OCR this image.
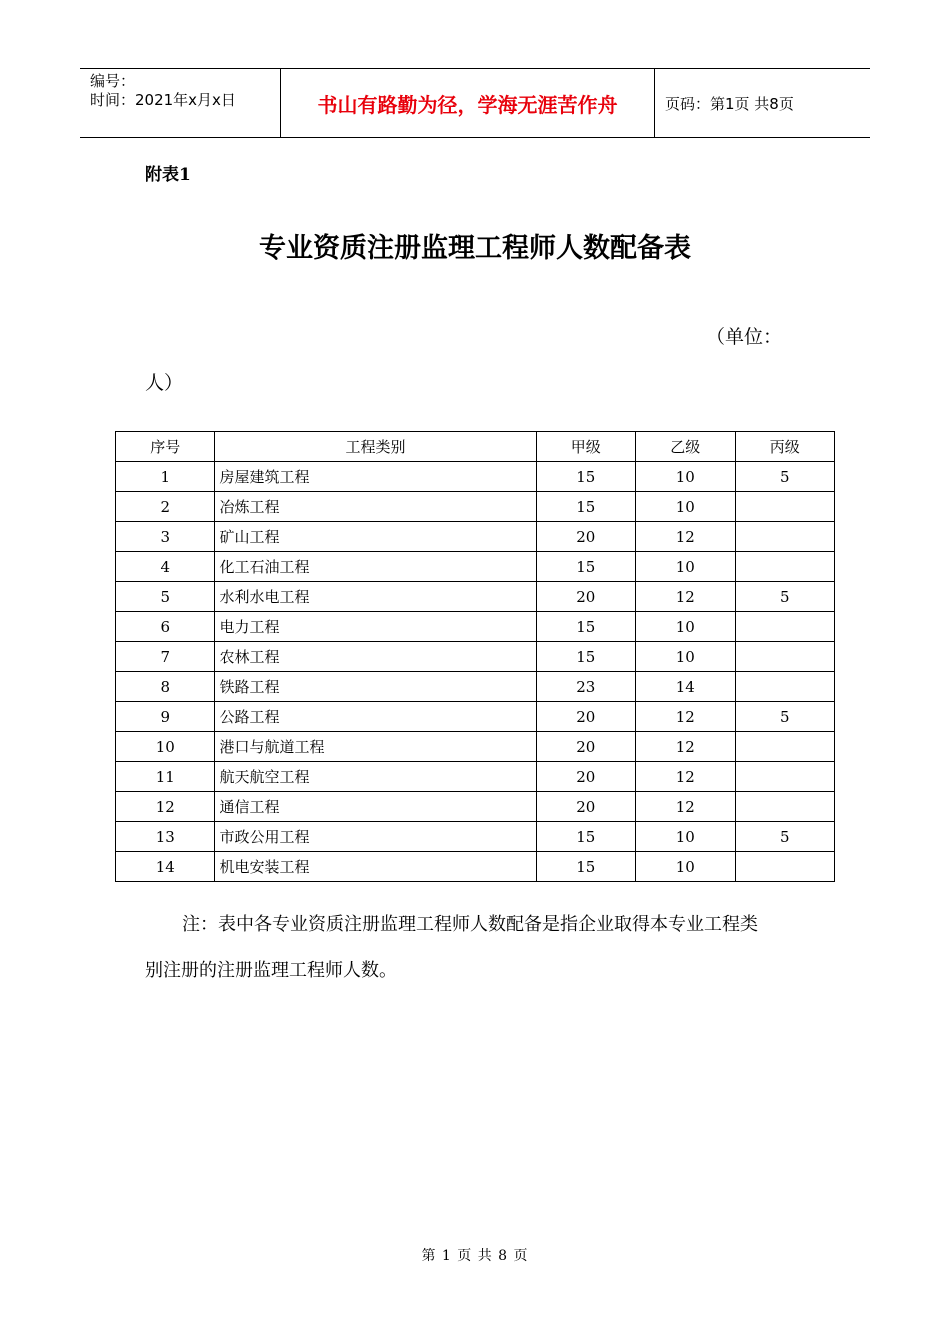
编号：
时间：2021年x月x日	书山有路勤为径，学海无涯苦作舟	页码：第1页 共8页
附表1
专业资质注册监理工程师人数配备表
（单位：
人）
序号	工程类别	甲级	乙级	丙级
1	房屋建筑工程	15	10	5
2	冶炼工程	15	10	
3	矿山工程	20	12	
4	化工石油工程	15	10	
5	水利水电工程	20	12	5
6	电力工程	15	10	
7	农林工程	15	10	
8	铁路工程	23	14	
9	公路工程	20	12	5
10	港口与航道工程	20	12	
11	航天航空工程	20	12	
12	通信工程	20	12	
13	市政公用工程	15	10	5
14	机电安装工程	15	10	
注：表中各专业资质注册监理工程师人数配备是指企业取得本专业工程类
别注册的注册监理工程师人数。
第 1 页 共 8 页
